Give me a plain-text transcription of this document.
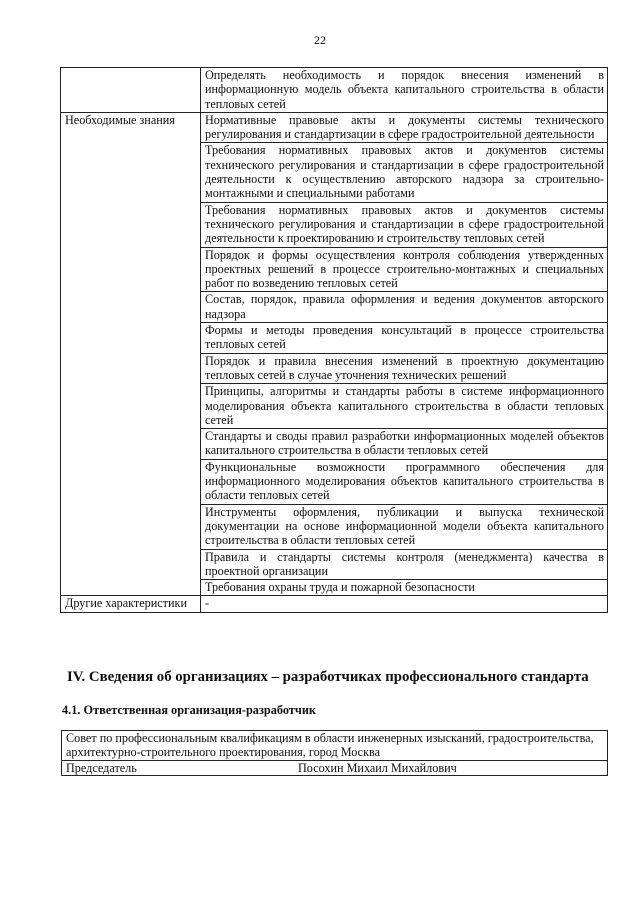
22
	Определять необходимость и порядок внесения изменений в информационную модель объекта капитального строительства в области тепловых сетей
Необходимые знания	Нормативные правовые акты и документы системы технического регулирования и стандартизации в сфере градостроительной деятельности
	Требования нормативных правовых актов и документов системы технического регулирования и стандартизации в сфере градостроительной деятельности к осуществлению авторского надзора за строительно-монтажными и специальными работами
	Требования нормативных правовых актов и документов системы технического регулирования и стандартизации в сфере градостроительной деятельности к проектированию и строительству тепловых сетей
	Порядок и формы осуществления контроля соблюдения утвержденных проектных решений в процессе строительно-монтажных и специальных работ по возведению тепловых сетей
	Состав, порядок, правила оформления и ведения документов авторского надзора
	Формы и методы проведения консультаций в процессе строительства тепловых сетей
	Порядок и правила внесения изменений в проектную документацию тепловых сетей в случае уточнения технических решений
	Принципы, алгоритмы и стандарты работы в системе информационного моделирования объекта капитального строительства в области тепловых сетей
	Стандарты и своды правил разработки информационных моделей объектов капитального строительства в области тепловых сетей
	Функциональные возможности программного обеспечения для информационного моделирования объектов капитального строительства в области тепловых сетей
	Инструменты оформления, публикации и выпуска технической документации на основе информационной модели объекта капитального строительства в области тепловых сетей
	Правила и стандарты системы контроля (менеджмента) качества в проектной организации
	Требования охраны труда и пожарной безопасности
Другие характеристики	-
IV. Сведения об организациях – разработчиках профессионального стандарта
4.1. Ответственная организация-разработчик
Совет по профессиональным квалификациям в области инженерных изысканий, градостроительства, архитектурно-строительного проектирования, город Москва
Председатель	Посохин Михаил Михайлович
